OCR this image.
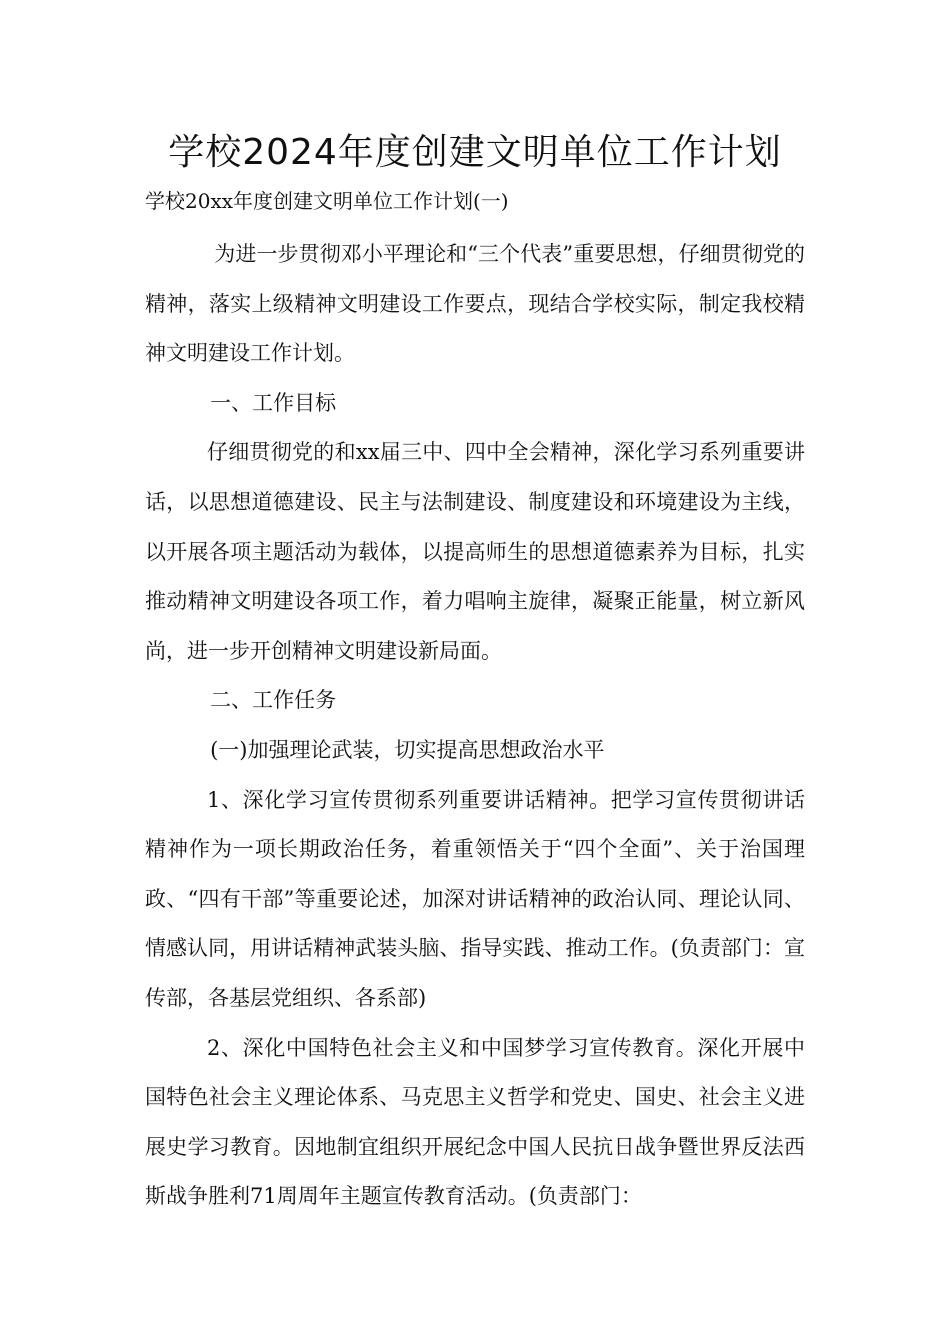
学校2024年度创建文明单位工作计划

学校20xx年度创建文明单位工作计划(一)

为进一步贯彻邓小平理论和“三个代表”重要思想，仔细贯彻党的精神，落实上级精神文明建设工作要点，现结合学校实际，制定我校精神文明建设工作计划。

一、工作目标

仔细贯彻党的和xx届三中、四中全会精神，深化学习系列重要讲话，以思想道德建设、民主与法制建设、制度建设和环境建设为主线，以开展各项主题活动为载体，以提高师生的思想道德素养为目标，扎实推动精神文明建设各项工作，着力唱响主旋律，凝聚正能量，树立新风尚，进一步开创精神文明建设新局面。

二、工作任务

(一)加强理论武装，切实提高思想政治水平

1、深化学习宣传贯彻系列重要讲话精神。把学习宣传贯彻讲话精神作为一项长期政治任务，着重领悟关于“四个全面”、关于治国理政、“四有干部”等重要论述，加深对讲话精神的政治认同、理论认同、情感认同，用讲话精神武装头脑、指导实践、推动工作。(负责部门：宣传部，各基层党组织、各系部)

2、深化中国特色社会主义和中国梦学习宣传教育。深化开展中国特色社会主义理论体系、马克思主义哲学和党史、国史、社会主义进展史学习教育。因地制宜组织开展纪念中国人民抗日战争暨世界反法西斯战争胜利71周周年主题宣传教育活动。(负责部门：
